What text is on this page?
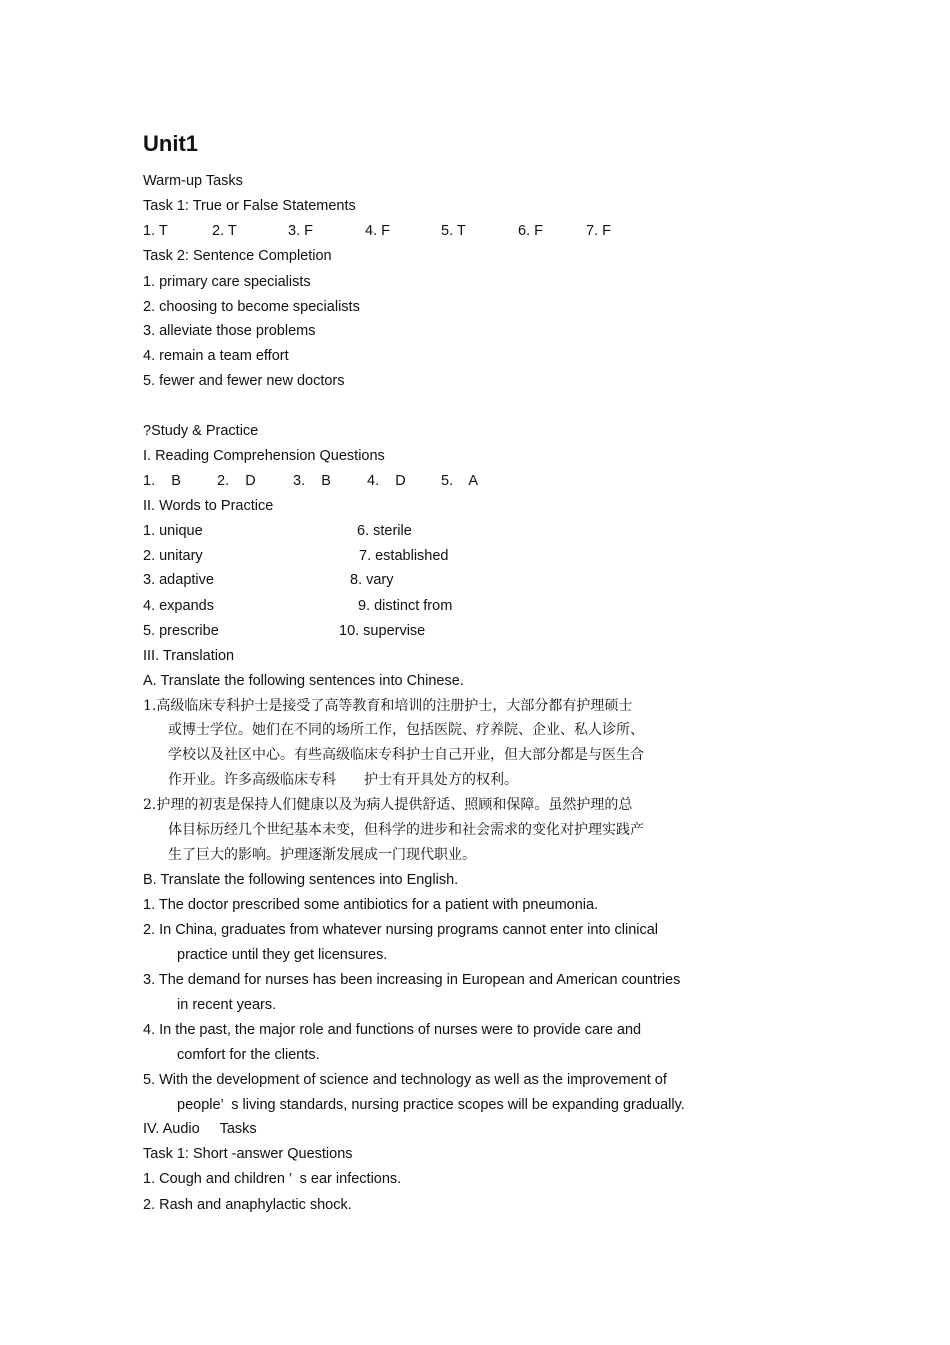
Unit1
Warm-up Tasks
Task 1: True or False Statements
1. T	2. T	3. F	4. F	5. T	6. F	7. F
Task 2: Sentence Completion
1. primary care specialists
2. choosing to become specialists
3. alleviate those problems
4. remain a team effort
5. fewer and fewer new doctors
?Study & Practice
I. Reading Comprehension Questions
1.    B 2.    D	3.    B 4.    D 5.    A
II. Words to Practice
1. unique	6. sterile
2. unitary	7. established
3. adaptive	8. vary
4. expands	9. distinct from
5. prescribe	10. supervise
III. Translation
A. Translate the following sentences into Chinese.
1.高级临床专科护士是接受了高等教育和培训的注册护士，大部分都有护理硕士
或博士学位。她们在不同的场所工作，包括医院、疗养院、企业、私人诊所、
学校以及社区中心。有些高级临床专科护士自己开业，但大部分都是与医生合
作开业。许多高级临床专科　　护士有开具处方的权利。
2.护理的初衷是保持人们健康以及为病人提供舒适、照顾和保障。虽然护理的总
体目标历经几个世纪基本未变，但科学的进步和社会需求的变化对护理实践产
生了巨大的影响。护理逐渐发展成一门现代职业。
B. Translate the following sentences into English.
1. The doctor prescribed some antibiotics for a patient with pneumonia.
2. In China, graduates from whatever nursing programs cannot enter into clinical
practice until they get licensures.
3. The demand for nurses has been increasing in European and American countries
in recent years.
4. In the past, the major role and functions of nurses were to provide care and
comfort for the clients.
5. With the development of science and technology as well as the improvement of
people’  s living standards, nursing practice scopes will be expanding gradually.
IV. Audio     Tasks
Task 1: Short -answer Questions
1. Cough and children ’  s ear infections.
2. Rash and anaphylactic shock.
